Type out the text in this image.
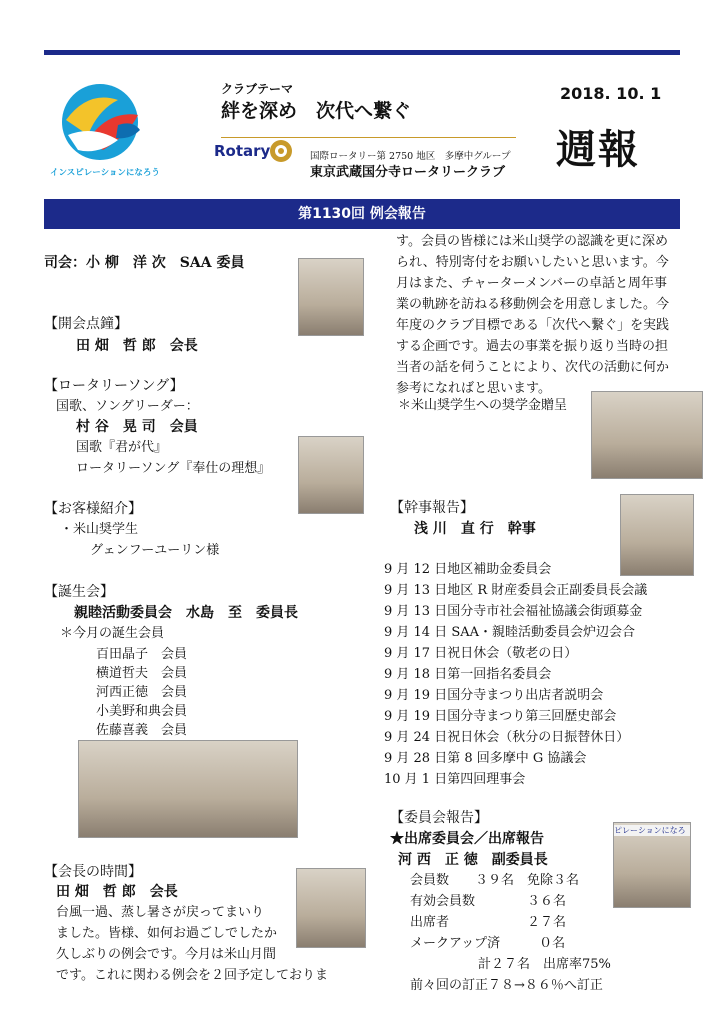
インスピレーションになろう
クラブテーマ
絆を深め　次代へ繋ぐ
2018. 10. 1
週報
Rotary	国際ロータリー第 2750 地区　多摩中グループ
東京武蔵国分寺ロータリークラブ
第1130回 例会報告
司会：小 柳　洋 次　SAA 委員
【開会点鐘】
田 畑　哲 郎　会長
【ロータリーソング】
国歌、ソングリーダー：
村 谷　晃 司　会員
国歌『君が代』
ロータリーソング『奉仕の理想』
【お客様紹介】
・米山奨学生
グェンフーユーリン様
【誕生会】
親睦活動委員会　水島　至　委員長
＊今月の誕生会員
百田晶子　会員
横道哲夫　会員
河西正徳　会員
小美野和典会員
佐藤喜義　会員
【会長の時間】
田 畑　哲 郎　会長
台風一過、蒸し暑さが戻ってまいり
ました。皆様、如何お過ごしでしたか
久しぶりの例会です。今月は米山月間
です。これに関わる例会を２回予定しておりま
す。会員の皆様には米山奨学の認識を更に深め
られ、特別寄付をお願いしたいと思います。今
月はまた、チャーターメンバーの卓話と周年事
業の軌跡を訪ねる移動例会を用意しました。今
年度のクラブ目標である「次代へ繋ぐ」を実践
する企画です。過去の事業を振り返り当時の担
当者の話を伺うことにより、次代の活動に何か
参考になればと思います。
＊米山奨学生への奨学金贈呈
【幹事報告】
浅 川　直 行　幹事
9 月 12 日地区補助金委員会
9 月 13 日地区 R 財産委員会正副委員長会議
9 月 13 日国分寺市社会福祉協議会街頭募金
9 月 14 日 SAA・親睦活動委員会炉辺会合
9 月 17 日祝日休会（敬老の日）
9 月 18 日第一回指名委員会
9 月 19 日国分寺まつり出店者説明会
9 月 19 日国分寺まつり第三回歴史部会
9 月 24 日祝日休会（秋分の日振替休日）
9 月 28 日第 8 回多摩中 G 協議会
10 月 1 日第四回理事会
【委員会報告】
★出席委員会／出席報告
河 西　正 徳　副委員長
ピレーションになろ
会員数　　３９名　免除３名
有効会員数　　　　３６名
出席者　　　　　　２７名
メークアップ済　　　０名
計２７名　出席率75%
前々回の訂正７８→８６％へ訂正
